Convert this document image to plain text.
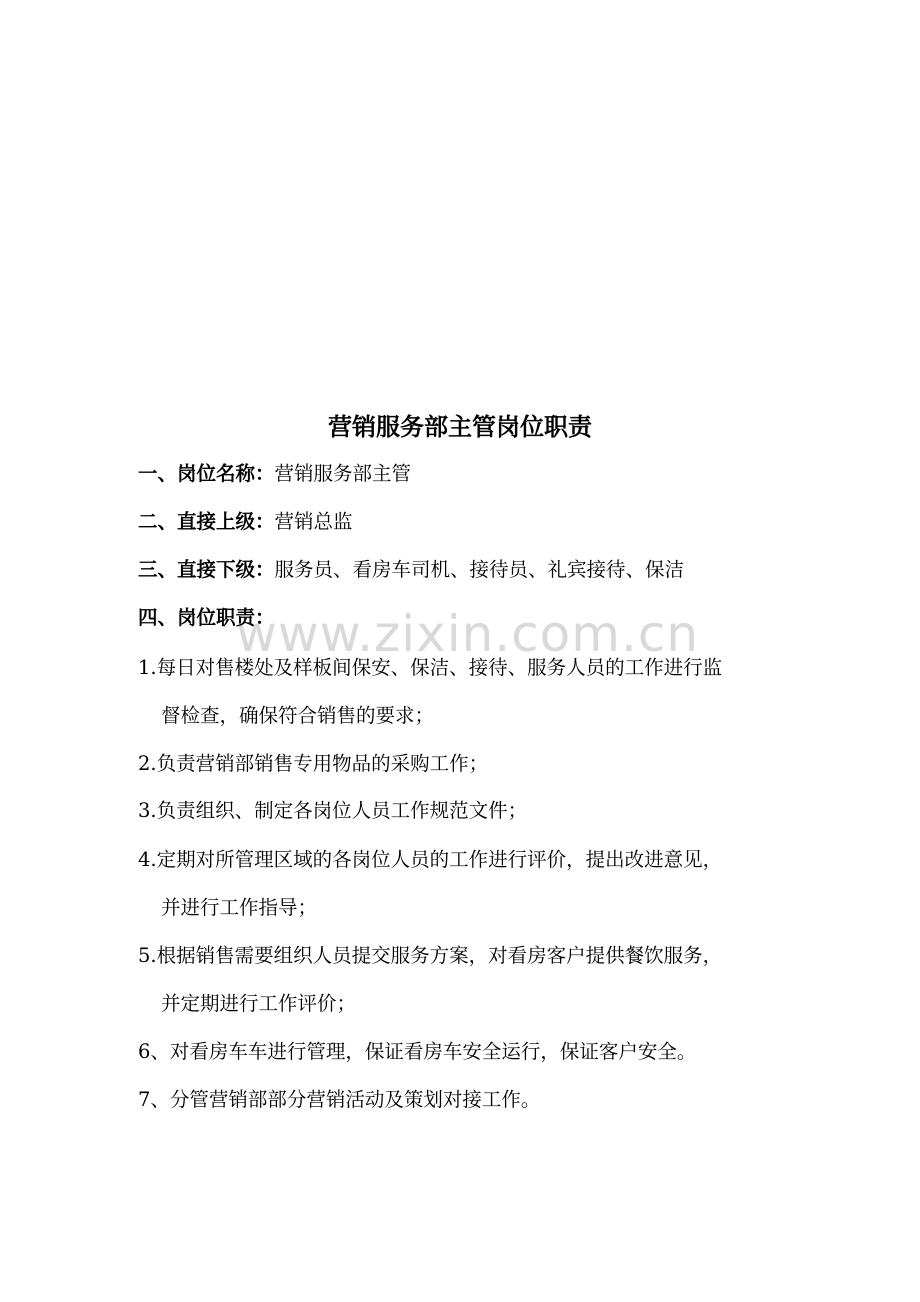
www.zixin.com.cn
营销服务部主管岗位职责
一、岗位名称：营销服务部主管
二、直接上级：营销总监
三、直接下级：服务员、看房车司机、接待员、礼宾接待、保洁
四、岗位职责：
1.每日对售楼处及样板间保安、保洁、接待、服务人员的工作进行监
督检查，确保符合销售的要求；
2.负责营销部销售专用物品的采购工作；
3.负责组织、制定各岗位人员工作规范文件；
4.定期对所管理区域的各岗位人员的工作进行评价，提出改进意见，
并进行工作指导；
5.根据销售需要组织人员提交服务方案，对看房客户提供餐饮服务，
并定期进行工作评价；
6、对看房车车进行管理，保证看房车安全运行，保证客户安全。
7、分管营销部部分营销活动及策划对接工作。
